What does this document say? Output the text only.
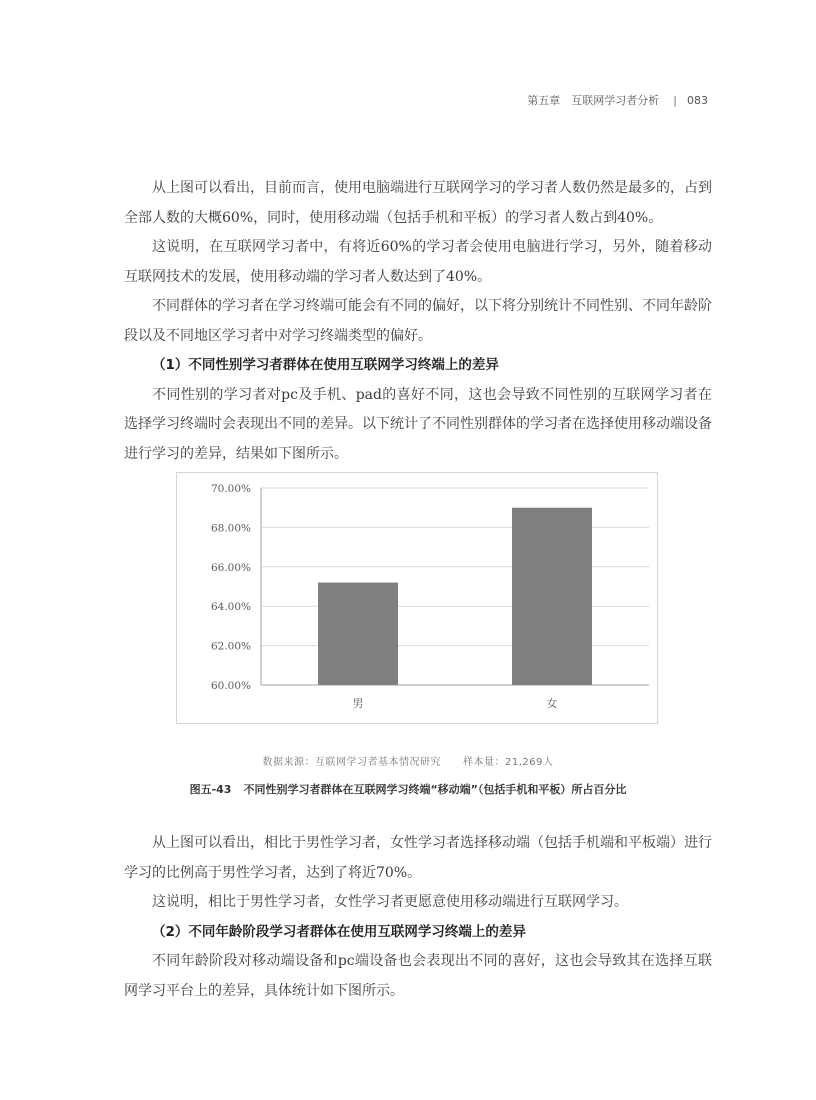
第五章　互联网学习者分析 | 083

从上图可以看出，目前而言，使用电脑端进行互联网学习的学习者人数仍然是最多的，占到全部人数的大概60%，同时，使用移动端（包括手机和平板）的学习者人数占到40%。

这说明，在互联网学习者中，有将近60%的学习者会使用电脑进行学习，另外，随着移动互联网技术的发展，使用移动端的学习者人数达到了40%。

不同群体的学习者在学习终端可能会有不同的偏好，以下将分别统计不同性别、不同年龄阶段以及不同地区学习者中对学习终端类型的偏好。

（1）不同性别学习者群体在使用互联网学习终端上的差异

不同性别的学习者对pc及手机、pad的喜好不同，这也会导致不同性别的互联网学习者在选择学习终端时会表现出不同的差异。以下统计了不同性别群体的学习者在选择使用移动端设备进行学习的差异，结果如下图所示。

60.00%
62.00%
64.00%
66.00%
68.00%
70.00%
男	女
数据来源：互联网学习者基本情况研究 样本量：21,269人
图五-43 不同性别学习者群体在互联网学习终端“移动端”（包括手机和平板）所占百分比

从上图可以看出，相比于男性学习者，女性学习者选择移动端（包括手机端和平板端）进行学习的比例高于男性学习者，达到了将近70%。

这说明，相比于男性学习者，女性学习者更愿意使用移动端进行互联网学习。

（2）不同年龄阶段学习者群体在使用互联网学习终端上的差异

不同年龄阶段对移动端设备和pc端设备也会表现出不同的喜好，这也会导致其在选择互联网学习平台上的差异，具体统计如下图所示。
